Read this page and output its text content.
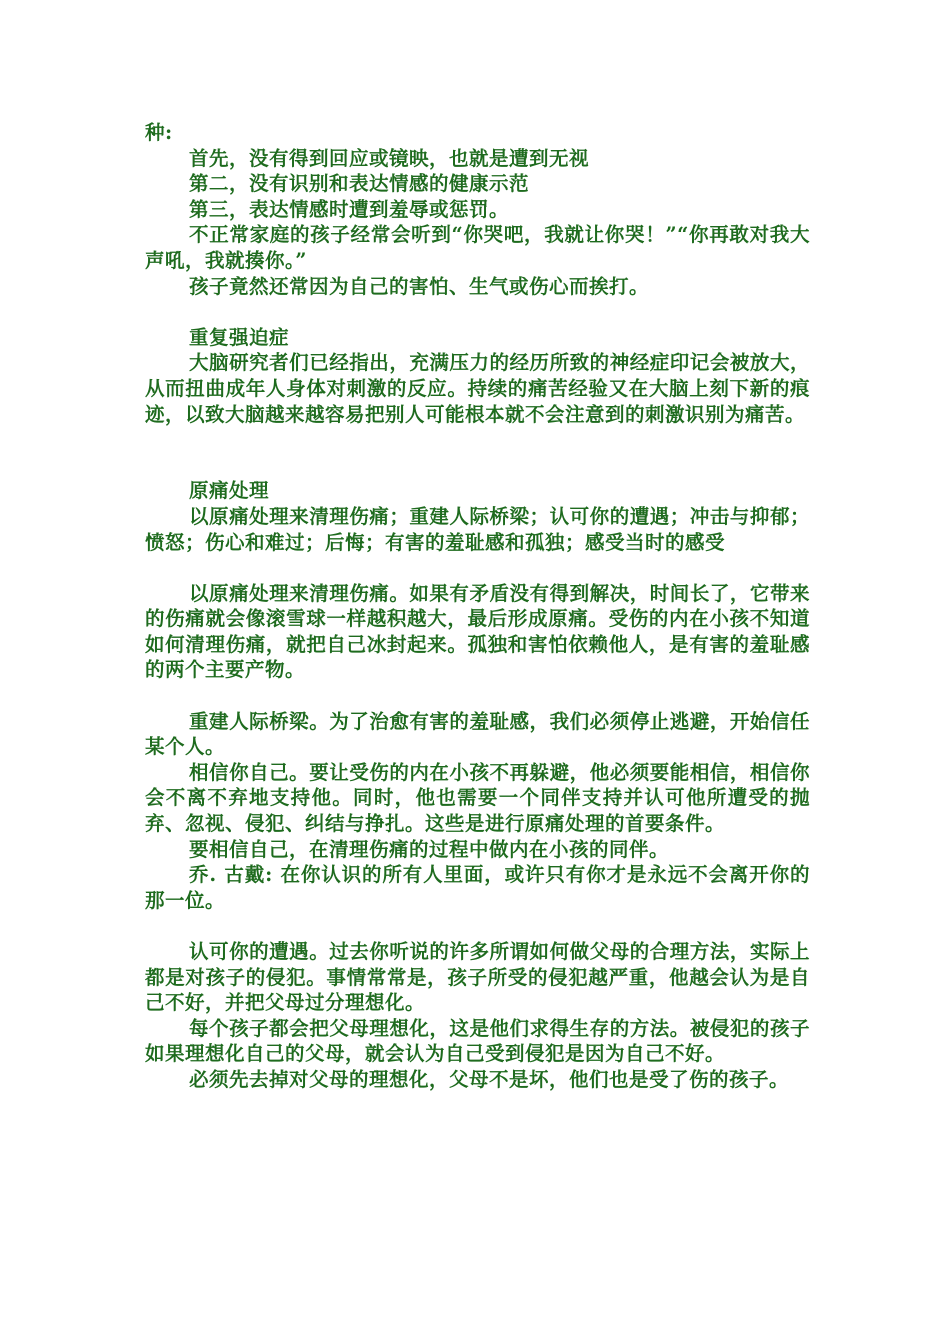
种:

首先，没有得到回应或镜映，也就是遭到无视

第二，没有识别和表达情感的健康示范

第三，表达情感时遭到羞辱或惩罚。

不正常家庭的孩子经常会听到“你哭吧，我就让你哭！”“你再敢对我大声吼，我就揍你。”

孩子竟然还常因为自己的害怕、生气或伤心而挨打。

重复强迫症

大脑研究者们已经指出，充满压力的经历所致的神经症印记会被放大，从而扭曲成年人身体对刺激的反应。持续的痛苦经验又在大脑上刻下新的痕迹，以致大脑越来越容易把别人可能根本就不会注意到的刺激识别为痛苦。

原痛处理

以原痛处理来清理伤痛；重建人际桥梁；认可你的遭遇；冲击与抑郁；愤怒；伤心和难过；后悔；有害的羞耻感和孤独；感受当时的感受

以原痛处理来清理伤痛。如果有矛盾没有得到解决，时间长了，它带来的伤痛就会像滚雪球一样越积越大，最后形成原痛。受伤的内在小孩不知道如何清理伤痛，就把自己冰封起来。孤独和害怕依赖他人，是有害的羞耻感的两个主要产物。

重建人际桥梁。为了治愈有害的羞耻感，我们必须停止逃避，开始信任某个人。

相信你自己。要让受伤的内在小孩不再躲避，他必须要能相信，相信你会不离不弃地支持他。同时，他也需要一个同伴支持并认可他所遭受的抛弃、忽视、侵犯、纠结与挣扎。这些是进行原痛处理的首要条件。

要相信自己，在清理伤痛的过程中做内在小孩的同伴。

乔. 古戴: 在你认识的所有人里面，或许只有你才是永远不会离开你的那一位。

认可你的遭遇。过去你听说的许多所谓如何做父母的合理方法，实际上都是对孩子的侵犯。事情常常是，孩子所受的侵犯越严重，他越会认为是自己不好，并把父母过分理想化。

每个孩子都会把父母理想化，这是他们求得生存的方法。被侵犯的孩子如果理想化自己的父母，就会认为自己受到侵犯是因为自己不好。

必须先去掉对父母的理想化，父母不是坏，他们也是受了伤的孩子。
